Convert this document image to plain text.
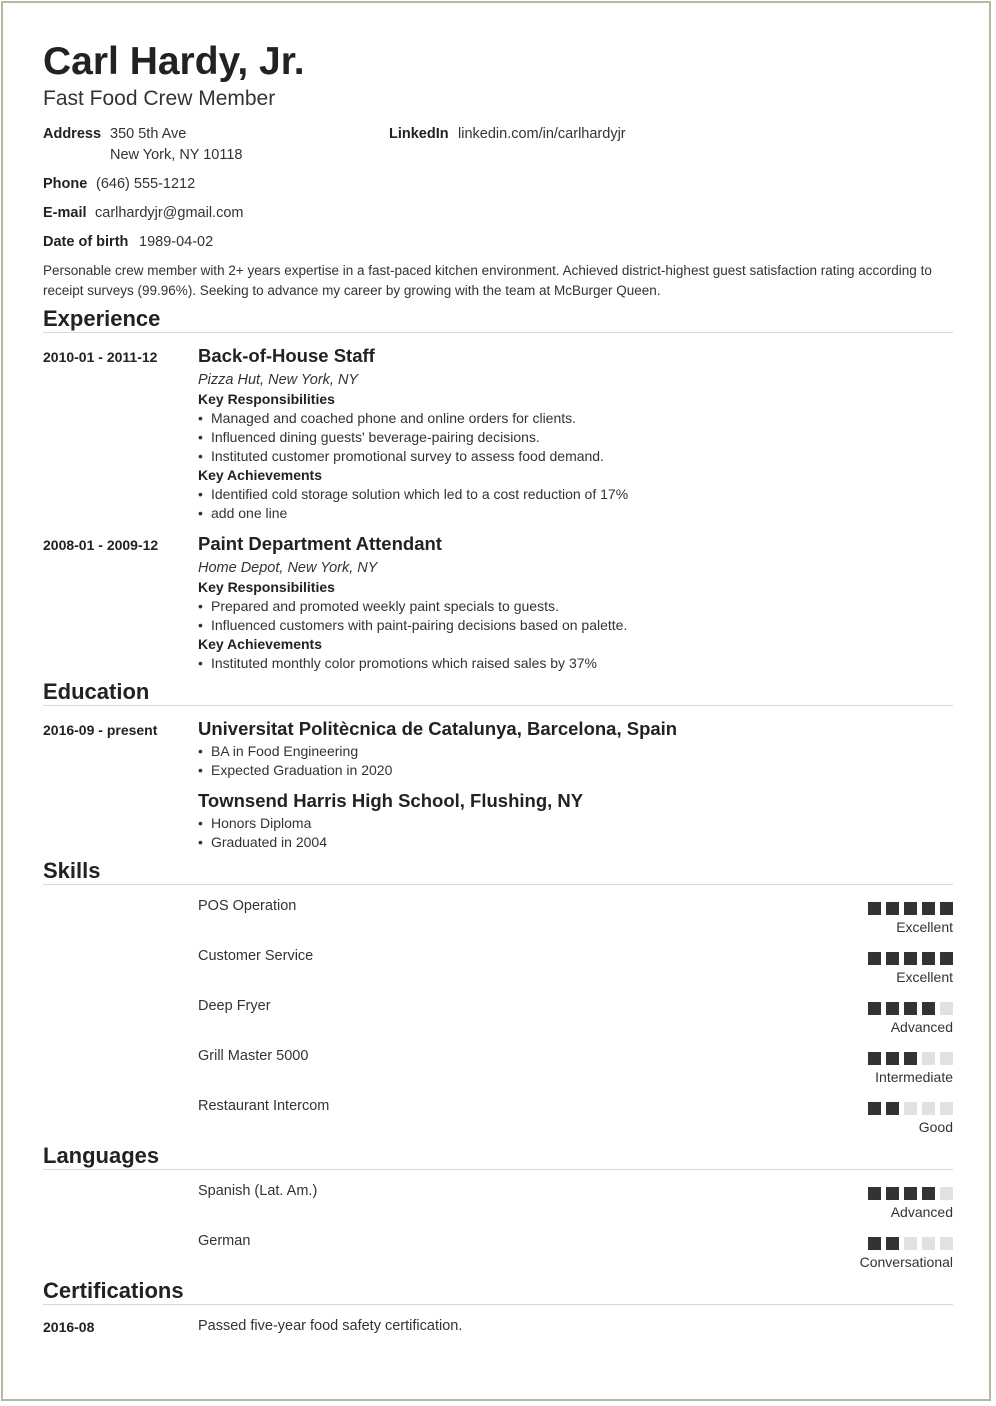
Carl Hardy, Jr.
Fast Food Crew Member
Address 350 5th Ave
New York, NY 10118
LinkedIn linkedin.com/in/carlhardyjr
Phone (646) 555-1212
E-mail carlhardyjr@gmail.com
Date of birth 1989-04-02
Personable crew member with 2+ years expertise in a fast-paced kitchen environment. Achieved district-highest guest satisfaction rating according to receipt surveys (99.96%). Seeking to advance my career by growing with the team at McBurger Queen.
Experience
2010-01 - 2011-12 Back-of-House Staff
Pizza Hut, New York, NY
Key Responsibilities
• Managed and coached phone and online orders for clients.
• Influenced dining guests' beverage-pairing decisions.
• Instituted customer promotional survey to assess food demand.
Key Achievements
• Identified cold storage solution which led to a cost reduction of 17%
• add one line
2008-01 - 2009-12 Paint Department Attendant
Home Depot, New York, NY
Key Responsibilities
• Prepared and promoted weekly paint specials to guests.
• Influenced customers with paint-pairing decisions based on palette.
Key Achievements
• Instituted monthly color promotions which raised sales by 37%
Education
2016-09 - present Universitat Politècnica de Catalunya, Barcelona, Spain
• BA in Food Engineering
• Expected Graduation in 2020
Townsend Harris High School, Flushing, NY
• Honors Diploma
• Graduated in 2004
Skills
POS Operation
Excellent
Customer Service
Excellent
Deep Fryer
Advanced
Grill Master 5000
Intermediate
Restaurant Intercom
Good
Languages
Spanish (Lat. Am.)
Advanced
German
Conversational
Certifications
2016-08	Passed five-year food safety certification.
